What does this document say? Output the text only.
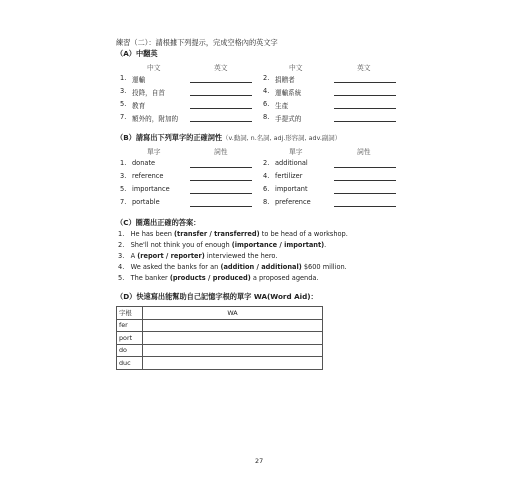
練習（二）：請根據下列提示，完成空格內的英文字
（A）中翻英
中文	英文	中文	英文
1. 運輸	2. 捐贈者
3. 投降，自首	4. 運輸系統
5. 教育	6. 生產
7. 額外的，附加的	8. 手提式的
（B）請寫出下列單字的正確詞性（v.動詞, n.名詞, adj.形容詞, adv.副詞）
單字	詞性	單字	詞性
1. donate	2. additional
3. reference	4. fertilizer
5. importance	6. important
7. portable	8. preference
（C）圈選出正確的答案：
1. He has been (transfer / transferred) to be head of a workshop.
2. She'll not think you of enough (importance / important).
3. A (report / reporter) interviewed the hero.
4. We asked the banks for an (addition / additional) $600 million.
5. The banker (products / produced) a proposed agenda.
（D）快速寫出能幫助自己記憶字根的單字 WA(Word Aid)：
字根	WA
fer	
port	
do	
duc	
27
